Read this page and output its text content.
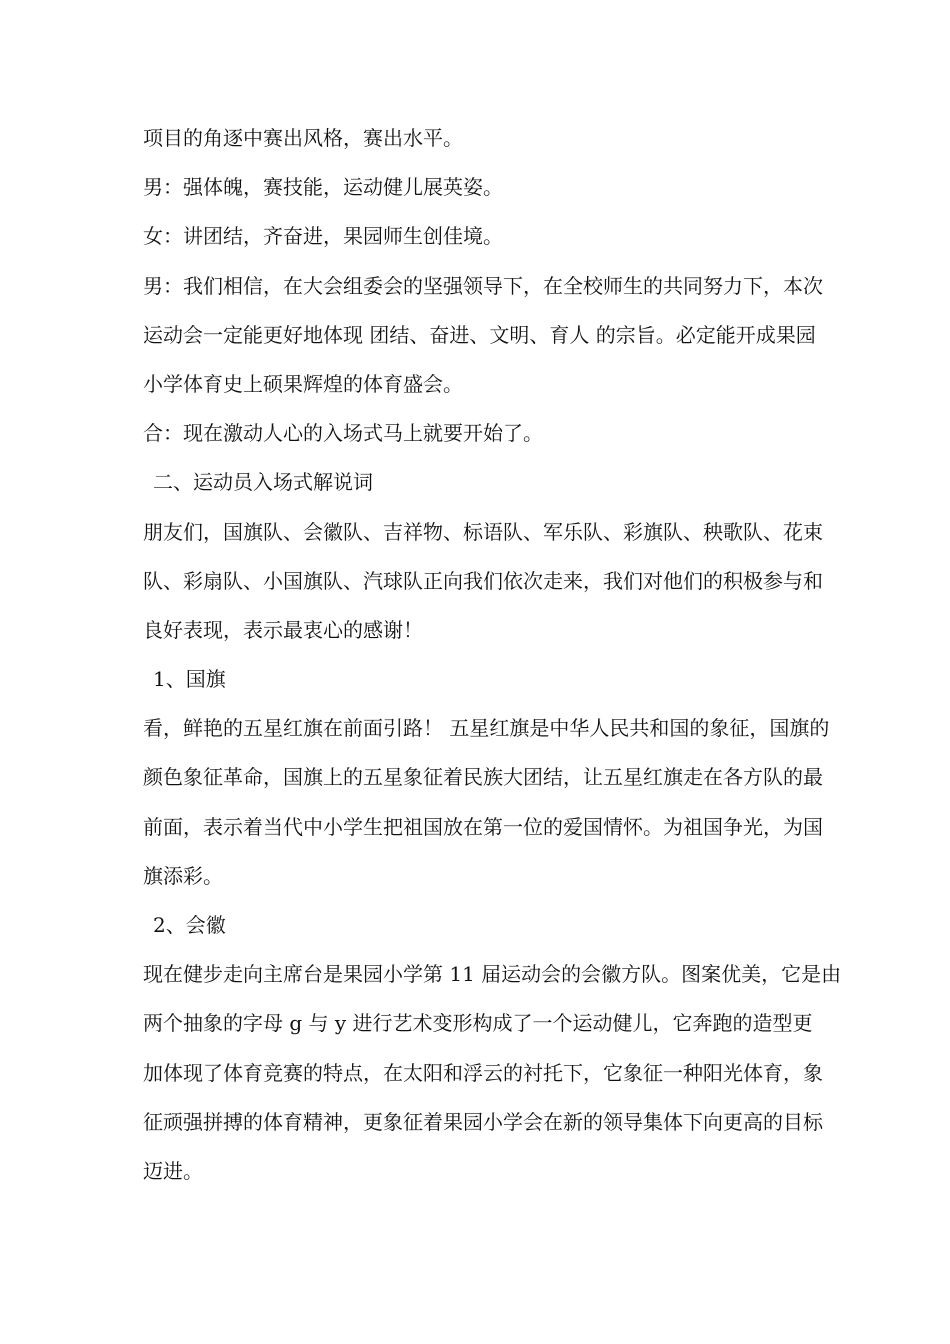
项目的角逐中赛出风格，赛出水平。
男：强体魄，赛技能，运动健儿展英姿。
女：讲团结，齐奋进，果园师生创佳境。
男：我们相信，在大会组委会的坚强领导下，在全校师生的共同努力下，本次
运动会一定能更好地体现 团结、奋进、文明、育人 的宗旨。必定能开成果园
小学体育史上硕果辉煌的体育盛会。
合：现在激动人心的入场式马上就要开始了。
二、运动员入场式解说词
朋友们，国旗队、会徽队、吉祥物、标语队、军乐队、彩旗队、秧歌队、花束
队、彩扇队、小国旗队、汽球队正向我们依次走来，我们对他们的积极参与和
良好表现，表示最衷心的感谢！
1、国旗
看，鲜艳的五星红旗在前面引路！ 五星红旗是中华人民共和国的象征，国旗的
颜色象征革命，国旗上的五星象征着民族大团结，让五星红旗走在各方队的最
前面，表示着当代中小学生把祖国放在第一位的爱国情怀。为祖国争光，为国
旗添彩。
2、会徽
现在健步走向主席台是果园小学第 11 届运动会的会徽方队。图案优美，它是由
两个抽象的字母 g 与 y 进行艺术变形构成了一个运动健儿，它奔跑的造型更
加体现了体育竞赛的特点，在太阳和浮云的衬托下，它象征一种阳光体育，象
征顽强拼搏的体育精神，更象征着果园小学会在新的领导集体下向更高的目标
迈进。
